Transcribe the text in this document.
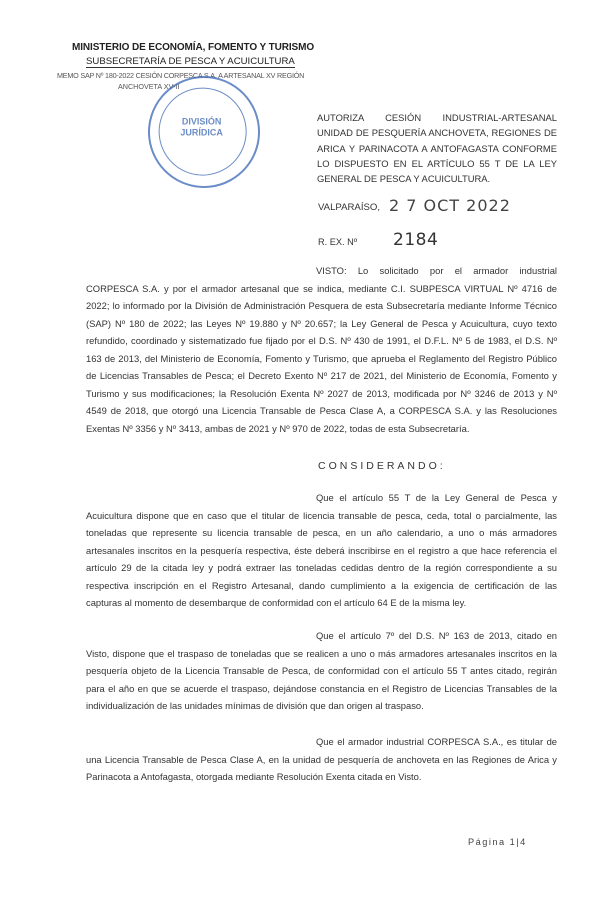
MINISTERIO DE ECONOMÍA, FOMENTO Y TURISMO
SUBSECRETARÍA DE PESCA Y ACUICULTURA
MEMO SAP Nº 180-2022 CESIÓN CORPESCA S.A. A ARTESANAL XV REGIÓN
ANCHOVETA XV-II
DIVISIÓN
JURÍDICA
AUTORIZA CESIÓN INDUSTRIAL-ARTESANAL UNIDAD DE PESQUERÍA ANCHOVETA, REGIONES DE ARICA Y PARINACOTA A ANTOFAGASTA CONFORME LO DISPUESTO EN EL ARTÍCULO 55 T DE LA LEY GENERAL DE PESCA Y ACUICULTURA.
VALPARAÍSO, 2 7 OCT 2022
R. EX. Nº 2184
VISTO: Lo solicitado por el armador industrial CORPESCA S.A. y por el armador artesanal que se indica, mediante C.I. SUBPESCA VIRTUAL Nº 4716 de 2022; lo informado por la División de Administración Pesquera de esta Subsecretaría mediante Informe Técnico (SAP) Nº 180 de 2022; las Leyes Nº 19.880 y Nº 20.657; la Ley General de Pesca y Acuicultura, cuyo texto refundido, coordinado y sistematizado fue fijado por el D.S. Nº 430 de 1991, el D.F.L. Nº 5 de 1983, el D.S. Nº 163 de 2013, del Ministerio de Economía, Fomento y Turismo, que aprueba el Reglamento del Registro Público de Licencias Transables de Pesca; el Decreto Exento Nº 217 de 2021, del Ministerio de Economía, Fomento y Turismo y sus modificaciones; la Resolución Exenta Nº 2027 de 2013, modificada por Nº 3246 de 2013 y Nº 4549 de 2018, que otorgó una Licencia Transable de Pesca Clase A, a CORPESCA S.A. y las Resoluciones Exentas Nº 3356 y Nº 3413, ambas de 2021 y Nº 970 de 2022, todas de esta Subsecretaría.
CONSIDERANDO:
Que el artículo 55 T de la Ley General de Pesca y Acuicultura dispone que en caso que el titular de licencia transable de pesca, ceda, total o parcialmente, las toneladas que represente su licencia transable de pesca, en un año calendario, a uno o más armadores artesanales inscritos en la pesquería respectiva, éste deberá inscribirse en el registro a que hace referencia el artículo 29 de la citada ley y podrá extraer las toneladas cedidas dentro de la región correspondiente a su respectiva inscripción en el Registro Artesanal, dando cumplimiento a la exigencia de certificación de las capturas al momento de desembarque de conformidad con el artículo 64 E de la misma ley.
Que el artículo 7º del D.S. Nº 163 de 2013, citado en Visto, dispone que el traspaso de toneladas que se realicen a uno o más armadores artesanales inscritos en la pesquería objeto de la Licencia Transable de Pesca, de conformidad con el artículo 55 T antes citado, regirán para el año en que se acuerde el traspaso, dejándose constancia en el Registro de Licencias Transables de la individualización de las unidades mínimas de división que dan origen al traspaso.
Que el armador industrial CORPESCA S.A., es titular de una Licencia Transable de Pesca Clase A, en la unidad de pesquería de anchoveta en las Regiones de Arica y Parinacota a Antofagasta, otorgada mediante Resolución Exenta citada en Visto.
Página 1|4
